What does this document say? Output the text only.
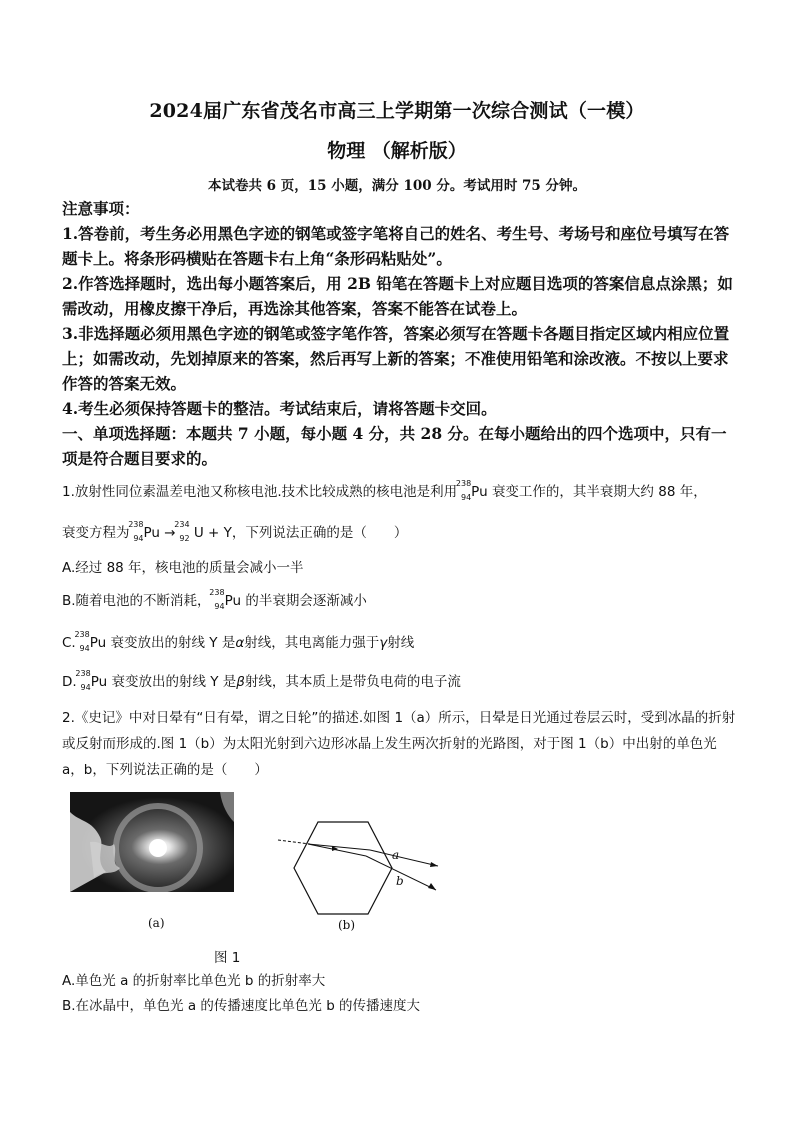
2024届广东省茂名市高三上学期第一次综合测试（一模）
物理 （解析版）
本试卷共 6 页，15 小题，满分 100 分。考试用时 75 分钟。
注意事项：
1.答卷前，考生务必用黑色字迹的钢笔或签字笔将自己的姓名、考生号、考场号和座位号填写在答题卡上。将条形码横贴在答题卡右上角“条形码粘贴处”。
2.作答选择题时，选出每小题答案后，用 2B 铅笔在答题卡上对应题目选项的答案信息点涂黑；如需改动，用橡皮擦干净后，再选涂其他答案，答案不能答在试卷上。
3.非选择题必须用黑色字迹的钢笔或签字笔作答，答案必须写在答题卡各题目指定区域内相应位置上；如需改动，先划掉原来的答案，然后再写上新的答案；不准使用铅笔和涂改液。不按以上要求作答的答案无效。
4.考生必须保持答题卡的整洁。考试结束后，请将答题卡交回。
一、单项选择题：本题共 7 小题，每小题 4 分，共 28 分。在每小题给出的四个选项中，只有一项是符合题目要求的。
1.放射性同位素温差电池又称核电池.技术比较成熟的核电池是利用
238
94 Pu 衰变工作的，其半衰期大约 88 年，
衰变方程为
238
94 Pu →
234
92 U + Y，下列说法正确的是（　　）
A.经过 88 年，核电池的质量会减小一半
B.随着电池的不断消耗，
238
94 Pu 的半衰期会逐渐减小
C.
238
94 Pu 衰变放出的射线 Y 是α射线，其电离能力强于γ射线
D.
238
94 Pu 衰变放出的射线 Y 是β射线，其本质上是带负电荷的电子流
2.《史记》中对日晕有“日有晕，谓之日轮”的描述.如图 1（a）所示，日晕是日光通过卷层云时，受到冰晶的折射或反射而形成的.图 1（b）为太阳光射到六边形冰晶上发生两次折射的光路图，对于图 1（b）中出射的单色光 a，b，下列说法正确的是（　　）
(a)
a
b
(b)
图 1
A.单色光 a 的折射率比单色光 b 的折射率大
B.在冰晶中，单色光 a 的传播速度比单色光 b 的传播速度大
